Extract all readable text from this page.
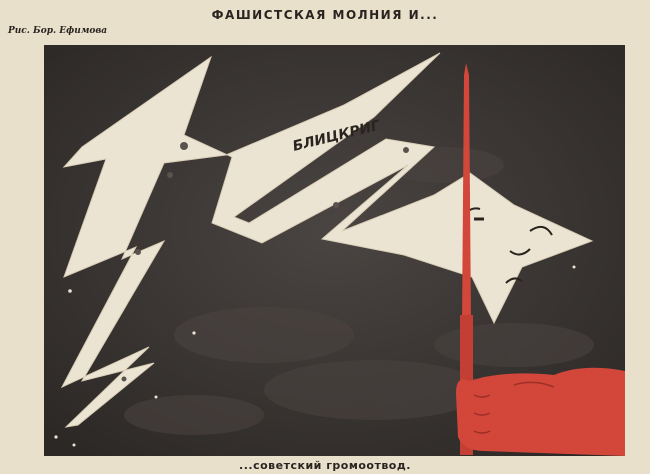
ФАШИСТСКАЯ МОЛНИЯ И...
Рис. Бор. Ефимова
БЛИЦКРИГ
...советский громоотвод.
